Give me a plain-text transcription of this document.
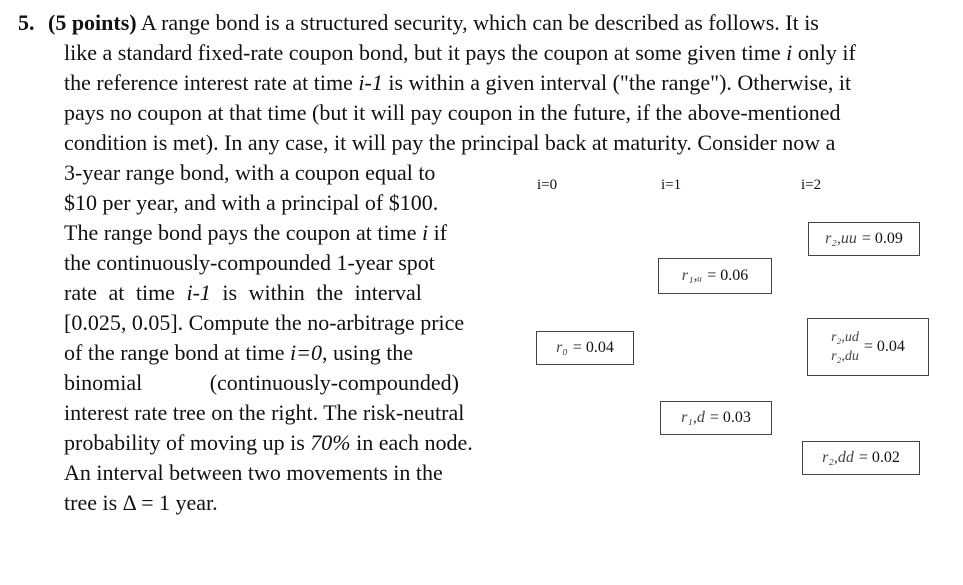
5. (5 points) A range bond is a structured security, which can be described as follows. It is
like a standard fixed-rate coupon bond, but it pays the coupon at some given time i only if
the reference interest rate at time i-1 is within a given interval ("the range"). Otherwise, it
pays no coupon at that time (but it will pay coupon in the future, if the above-mentioned
condition is met). In any case, it will pay the principal back at maturity. Consider now a
3-year range bond, with a coupon equal to
$10 per year, and with a principal of $100.
The range bond pays the coupon at time i if
the continuously-compounded 1-year spot
rate at time i-1 is within the interval
[0.025, 0.05]. Compute the no-arbitrage price
of the range bond at time i=0, using the
binomial	(continuously-compounded)
interest rate tree on the right. The risk-neutral
probability of moving up is 70% in each node.
An interval between two movements in the
tree is Δ = 1 year.
i=0	i=1	i=2
r₂,uu = 0.09
r₁,ᵤ = 0.06
r₀ = 0.04
r₂,ud
r₂,du
= 0.04
r₁,d = 0.03
r₂,dd = 0.02
